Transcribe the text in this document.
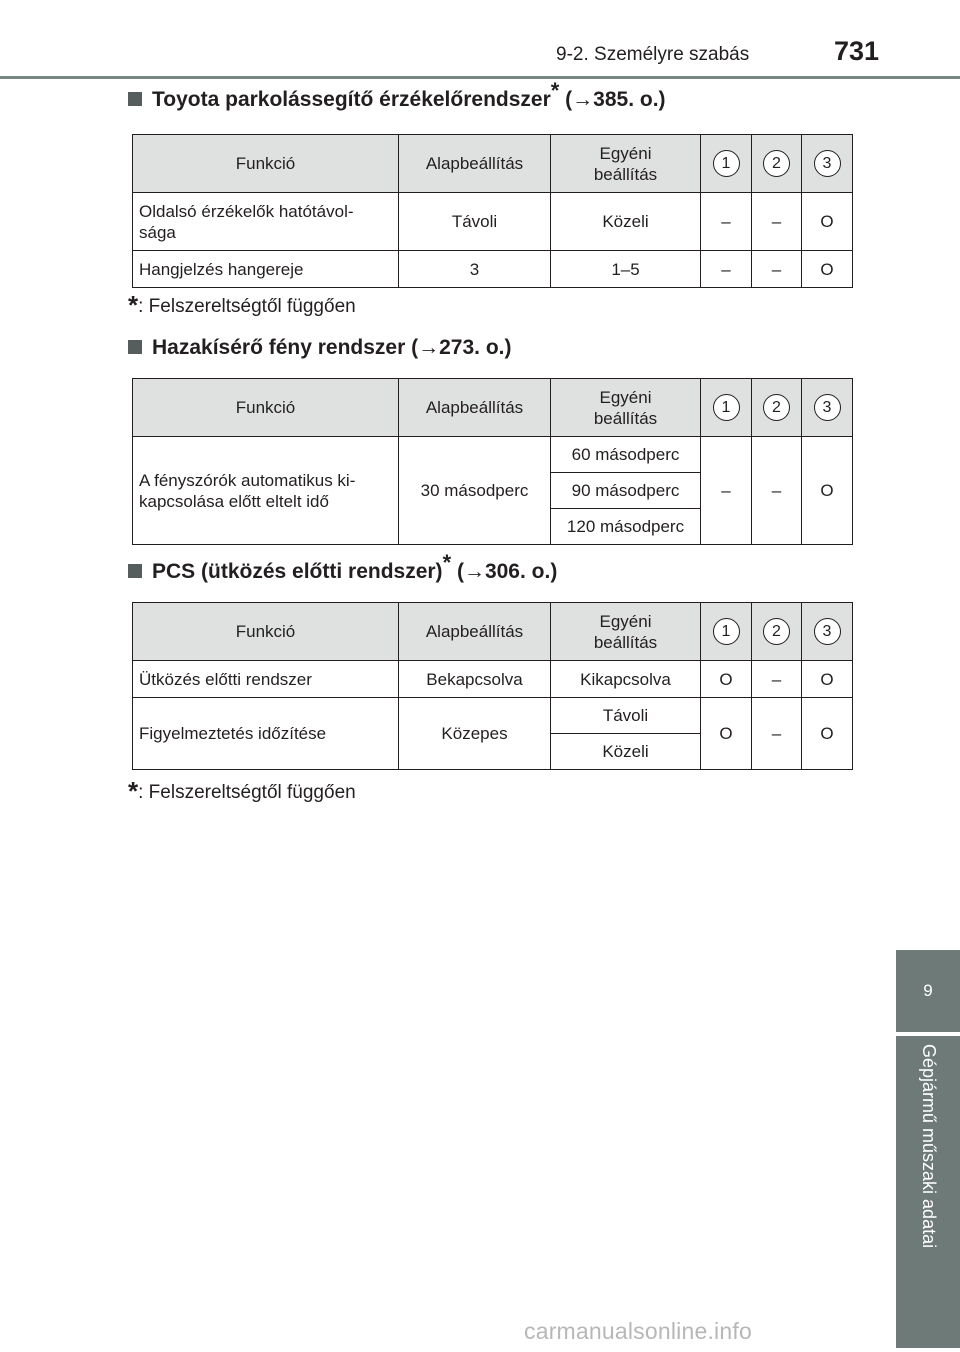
9-2. Személyre szabás	731
9
Gépjármű műszaki adatai
Toyota parkolássegítő érzékelőrendszer* (→385. o.)
Funkció	Alapbeállítás	Egyéni
beállítás	1	2	3
Oldalsó érzékelők hatótávol-
sága	Távoli	Közeli	–	–	O
Hangjelzés hangereje	3	1–5	–	–	O
*: Felszereltségtől függően
Hazakísérő fény rendszer (→273. o.)
Funkció	Alapbeállítás	Egyéni
beállítás	1	2	3
A fényszórók automatikus ki-
kapcsolása előtt eltelt idő	30 másodperc	60 másodperc	–	–	O
		90 másodperc			
		120 másodperc			
PCS (ütközés előtti rendszer)* (→306. o.)
Funkció	Alapbeállítás	Egyéni
beállítás	1	2	3
Ütközés előtti rendszer	Bekapcsolva	Kikapcsolva	O	–	O
Figyelmeztetés időzítése	Közepes	Távoli	O	–	O
		Közeli			
*: Felszereltségtől függően
carmanualsonline.info
